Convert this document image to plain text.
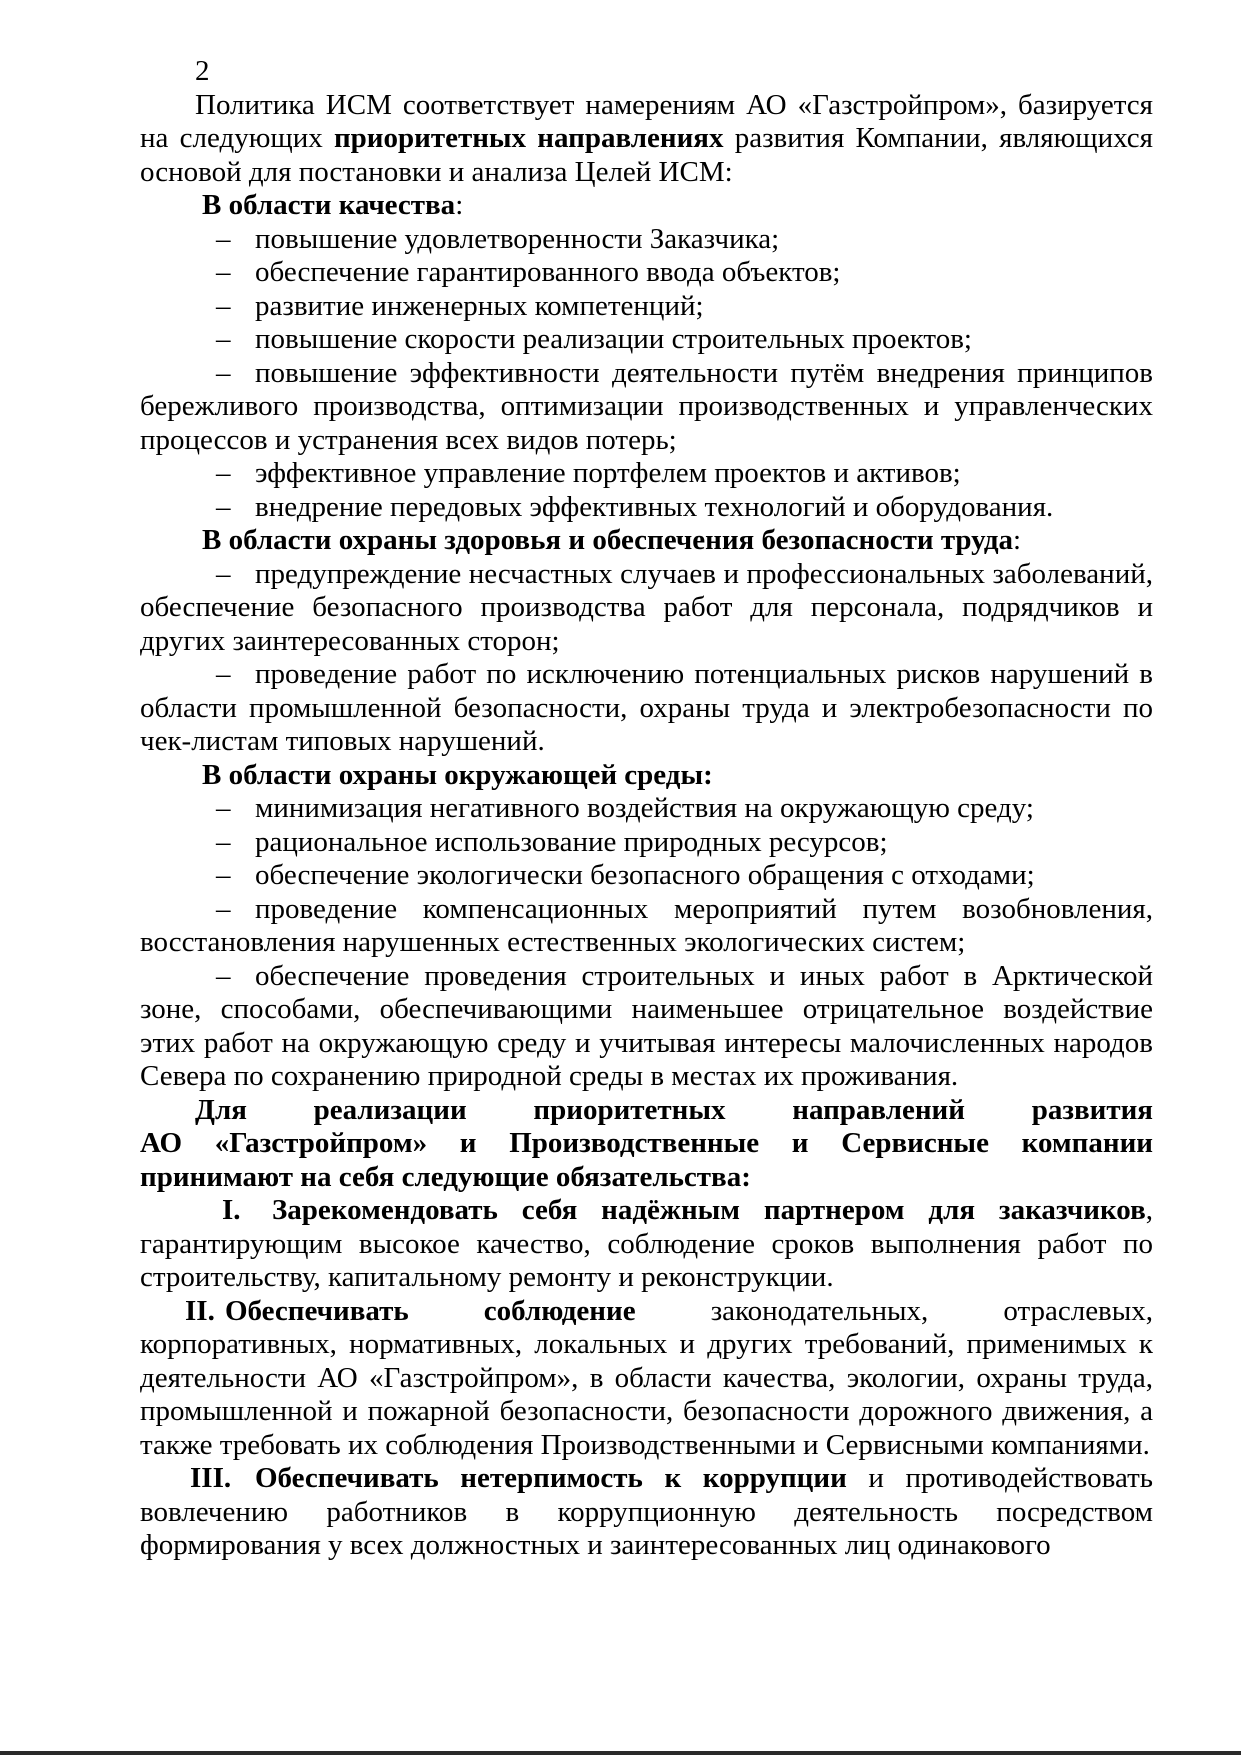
2

Политика ИСМ соответствует намерениям АО «Газстройпром», базируется на следующих приоритетных направлениях развития Компании, являющихся основой для постановки и анализа Целей ИСМ:

В области качества:

– повышение удовлетворенности Заказчика;

– обеспечение гарантированного ввода объектов;

– развитие инженерных компетенций;

– повышение скорости реализации строительных проектов;

– повышение эффективности деятельности путём внедрения принципов бережливого производства, оптимизации производственных и управленческих процессов и устранения всех видов потерь;

– эффективное управление портфелем проектов и активов;

– внедрение передовых эффективных технологий и оборудования.

В области охраны здоровья и обеспечения безопасности труда:

– предупреждение несчастных случаев и профессиональных заболеваний, обеспечение безопасного производства работ для персонала, подрядчиков и других заинтересованных сторон;

– проведение работ по исключению потенциальных рисков нарушений в области промышленной безопасности, охраны труда и электробезопасности по чек-листам типовых нарушений.

В области охраны окружающей среды:

– минимизация негативного воздействия на окружающую среду;

– рациональное использование природных ресурсов;

– обеспечение экологически безопасного обращения с отходами;

– проведение компенсационных мероприятий путем возобновления, восстановления нарушенных естественных экологических систем;

– обеспечение проведения строительных и иных работ в Арктической зоне, способами, обеспечивающими наименьшее отрицательное воздействие этих работ на окружающую среду и учитывая интересы малочисленных народов Севера по сохранению природной среды в местах их проживания.

Для реализации приоритетных направлений развития АО «Газстройпром» и Производственные и Сервисные компании принимают на себя следующие обязательства:

I. Зарекомендовать себя надёжным партнером для заказчиков, гарантирующим высокое качество, соблюдение сроков выполнения работ по строительству, капитальному ремонту и реконструкции.

II. Обеспечивать соблюдение законодательных, отраслевых, корпоративных, нормативных, локальных и других требований, применимых к деятельности АО «Газстройпром», в области качества, экологии, охраны труда, промышленной и пожарной безопасности, безопасности дорожного движения, а также требовать их соблюдения Производственными и Сервисными компаниями.

III. Обеспечивать нетерпимость к коррупции и противодействовать вовлечению работников в коррупционную деятельность посредством формирования у всех должностных и заинтересованных лиц одинакового
